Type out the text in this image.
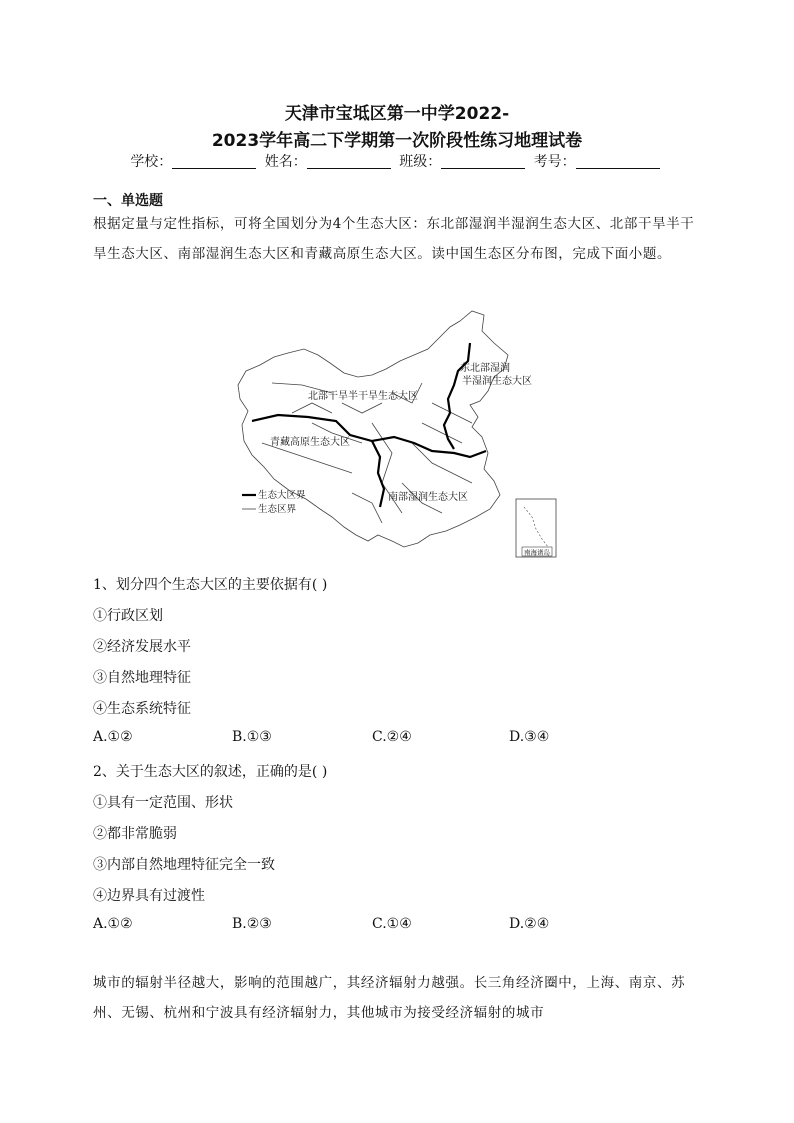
天津市宝坻区第一中学2022-
2023学年高二下学期第一次阶段性练习地理试卷
学校：	姓名：	班级：	考号：
一、单选题
根据定量与定性指标，可将全国划分为4个生态大区：东北部湿润半湿润生态大区、北部干旱半干旱生态大区、南部湿润生态大区和青藏高原生态大区。读中国生态区分布图，完成下面小题。
东北部湿润
半湿润生态大区
北部干旱半干旱生态大区
青藏高原生态大区
南部湿润生态大区
生态大区界
生态区界
南海诸岛
1、划分四个生态大区的主要依据有( )
①行政区划
②经济发展水平
③自然地理特征
④生态系统特征
A.①②	B.①③	C.②④	D.③④
2、关于生态大区的叙述，正确的是( )
①具有一定范围、形状
②都非常脆弱
③内部自然地理特征完全一致
④边界具有过渡性
A.①②	B.②③	C.①④	D.②④
城市的辐射半径越大，影响的范围越广，其经济辐射力越强。长三角经济圈中，上海、南京、苏州、无锡、杭州和宁波具有经济辐射力，其他城市为接受经济辐射的城市
